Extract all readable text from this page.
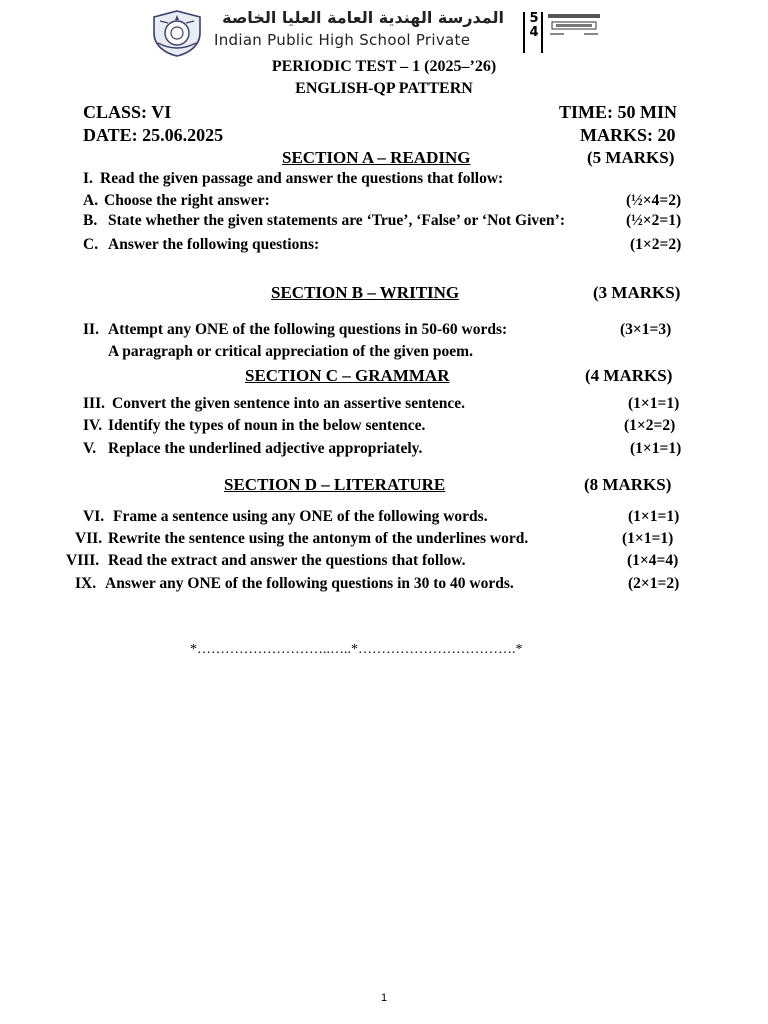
المدرسة الهندية العامة العليا الخاصة
Indian Public High School Private
5 4
PERIODIC TEST – 1 (2025–’26)
ENGLISH-QP PATTERN
CLASS: VI	TIME: 50 MIN
DATE: 25.06.2025	MARKS: 20
SECTION A – READING	(5 MARKS)
I. Read the given passage and answer the questions that follow:
A. Choose the right answer:	(½×4=2)
B. State whether the given statements are ‘True’, ‘False’ or ‘Not Given’:	(½×2=1)
C. Answer the following questions:	(1×2=2)
SECTION B – WRITING	(3 MARKS)
II. Attempt any ONE of the following questions in 50-60 words:	(3×1=3)
A paragraph or critical appreciation of the given poem.
SECTION C – GRAMMAR	(4 MARKS)
III. Convert the given sentence into an assertive sentence.	(1×1=1)
IV. Identify the types of noun in the below sentence.	(1×2=2)
V. Replace the underlined adjective appropriately.	(1×1=1)
SECTION D – LITERATURE	(8 MARKS)
VI. Frame a sentence using any ONE of the following words.	(1×1=1)
VII. Rewrite the sentence using the antonym of the underlines word.	(1×1=1)
VIII. Read the extract and answer the questions that follow.	(1×4=4)
IX. Answer any ONE of the following questions in 30 to 40 words.	(2×1=2)
*………………………..…..*…………………………….*
1
